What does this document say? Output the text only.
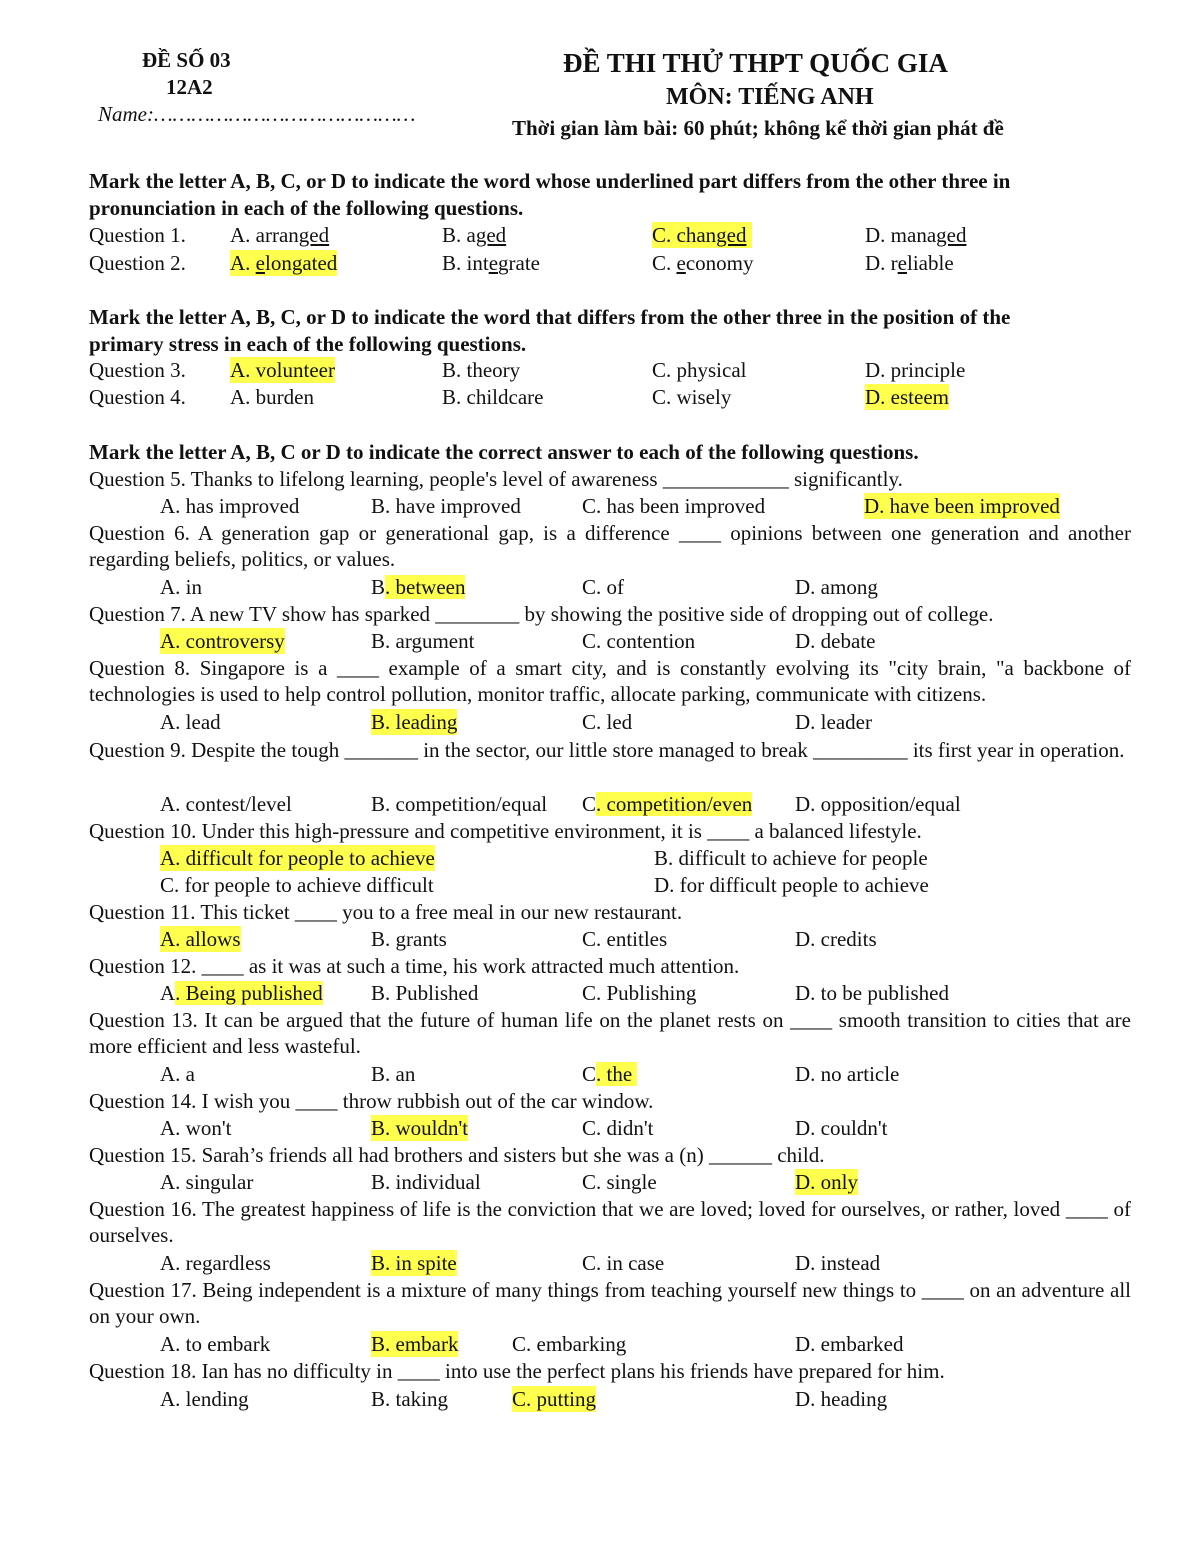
ĐỀ SỐ 03
12A2
Name:……………………………………
ĐỀ THI THỬ THPT QUỐC GIA
MÔN: TIẾNG ANH
Thời gian làm bài: 60 phút; không kể thời gian phát đề
Mark the letter A, B, C, or D to indicate the word whose underlined part differs from the other three in
pronunciation in each of the following questions.
Question 1. A. arranged	B. aged	C. changed	D. managed
Question 2. A. elongated	B. integrate	C. economy	D. reliable
Mark the letter A, B, C, or D to indicate the word that differs from the other three in the position of the
primary stress in each of the following questions.
Question 3. A. volunteer	B. theory	C. physical	D. principle
Question 4. A. burden	B. childcare	C. wisely	D. esteem
Mark the letter A, B, C or D to indicate the correct answer to each of the following questions.
Question 5. Thanks to lifelong learning, people's level of awareness ____________ significantly.
A. has improved	B. have improved	C. has been improved	D. have been improved
Question 6. A generation gap or generational gap, is a difference ____ opinions between one generation and another regarding beliefs, politics, or values.
A. in	B. between	C. of	D. among
Question 7. A new TV show has sparked ________ by showing the positive side of dropping out of college.
A. controversy	B. argument	C. contention	D. debate
Question 8. Singapore is a ____ example of a smart city, and is constantly evolving its "city brain, "a backbone of technologies is used to help control pollution, monitor traffic, allocate parking, communicate with citizens.
A. lead	B. leading	C. led	D. leader
Question 9. Despite the tough _______ in the sector, our little store managed to break _________ its first year in operation.
A. contest/level	B. competition/equal C. competition/even D. opposition/equal
Question 10. Under this high-pressure and competitive environment, it is ____ a balanced lifestyle.
A. difficult for people to achieve	B. difficult to achieve for people
C. for people to achieve difficult	D. for difficult people to achieve
Question 11. This ticket ____ you to a free meal in our new restaurant.
A. allows	B. grants	C. entitles	D. credits
Question 12. ____ as it was at such a time, his work attracted much attention.
A. Being published B. Published	C. Publishing	D. to be published
Question 13. It can be argued that the future of human life on the planet rests on ____ smooth transition to cities that are more efficient and less wasteful.
A. a	B. an	C. the	D. no article
Question 14. I wish you ____ throw rubbish out of the car window.
A. won't	B. wouldn't	C. didn't	D. couldn't
Question 15. Sarah’s friends all had brothers and sisters but she was a (n) ______ child.
A. singular	B. individual	C. single	D. only
Question 16. The greatest happiness of life is the conviction that we are loved; loved for ourselves, or rather, loved ____ of ourselves.
A. regardless	B. in spite	C. in case	D. instead
Question 17. Being independent is a mixture of many things from teaching yourself new things to ____ on an adventure all on your own.
A. to embark	B. embark	C. embarking	D. embarked
Question 18. Ian has no difficulty in ____ into use the perfect plans his friends have prepared for him.
A. lending	B. taking	C. putting	D. heading
